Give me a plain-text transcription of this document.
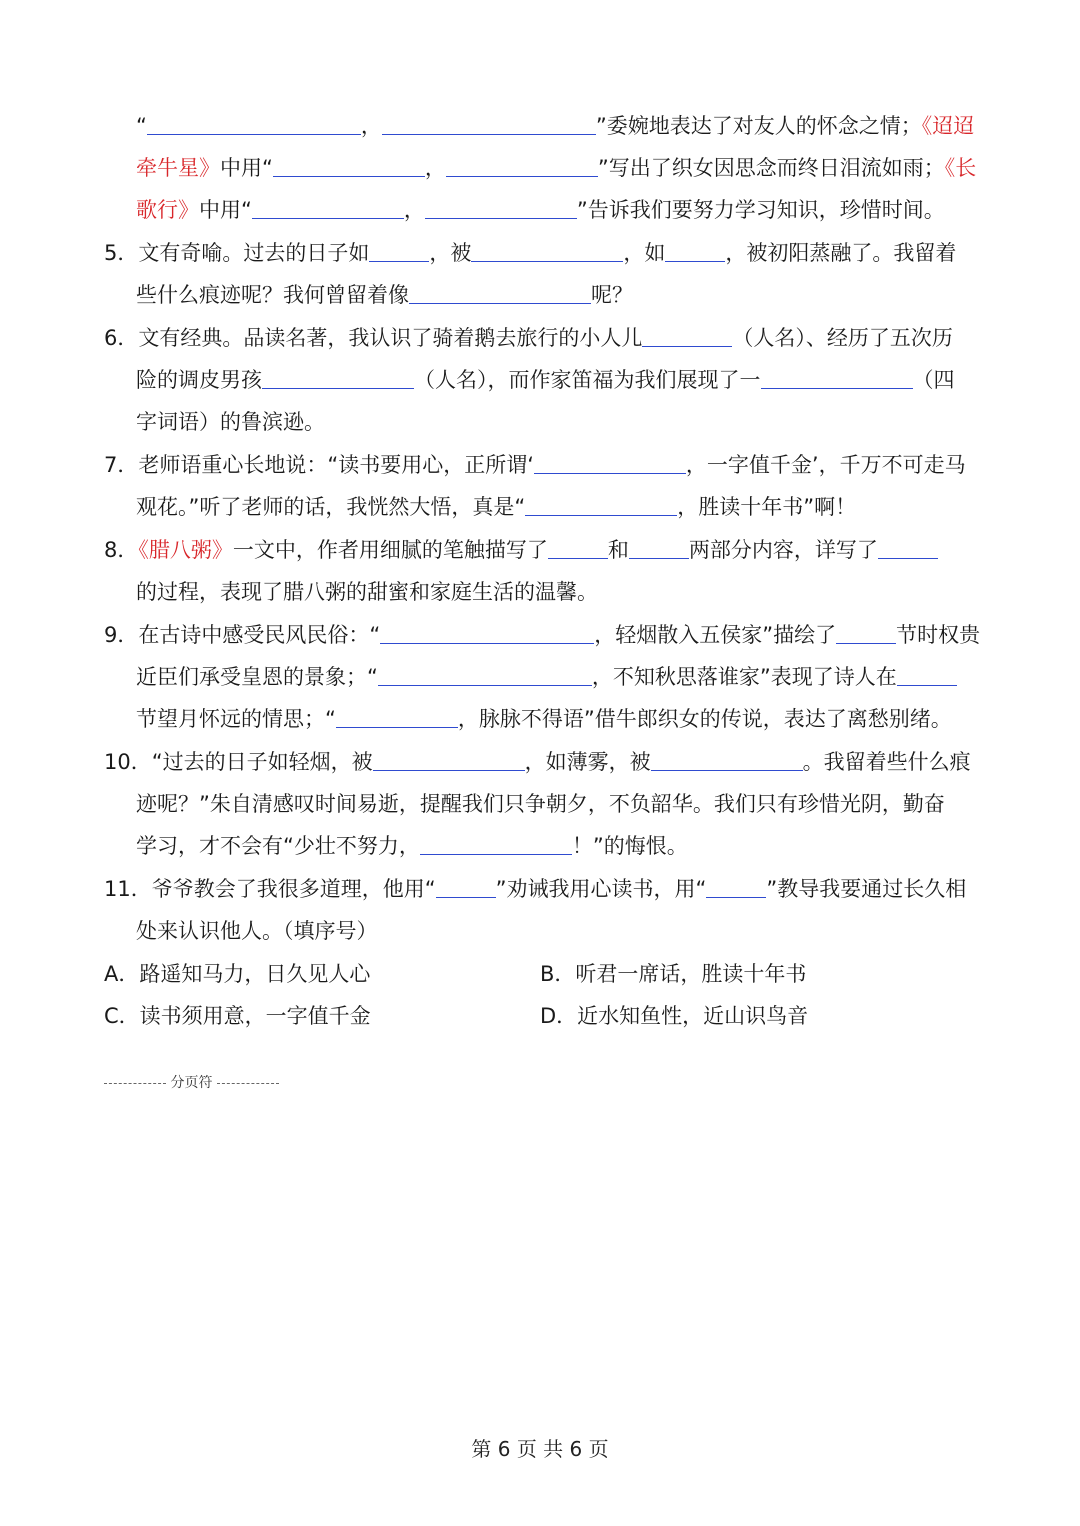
“	，	”委婉地表达了对友人的怀念之情；《迢迢
牵牛星》中用“	，	”写出了织女因思念而终日泪流如雨；《长
歌行》中用“	，	”告诉我们要努力学习知识，珍惜时间。
5．文有奇喻。过去的日子如	，被	，如	，被初阳蒸融了。我留着
些什么痕迹呢？我何曾留着像	呢？
6．文有经典。品读名著，我认识了骑着鹅去旅行的小人儿	（人名）、经历了五次历
险的调皮男孩	（人名），而作家笛福为我们展现了一	（四
字词语）的鲁滨逊。
7．老师语重心长地说：“读书要用心，正所谓‘	，一字值千金’，千万不可走马
观花。”听了老师的话，我恍然大悟，真是“	，胜读十年书”啊！
8．《腊八粥》一文中，作者用细腻的笔触描写了	和	两部分内容，详写了
的过程，表现了腊八粥的甜蜜和家庭生活的温馨。
9．在古诗中感受民风民俗：“	，轻烟散入五侯家”描绘了	节时权贵
近臣们承受皇恩的景象；“	，不知秋思落谁家”表现了诗人在
节望月怀远的情思；“	，脉脉不得语”借牛郎织女的传说，表达了离愁别绪。
10．“过去的日子如轻烟，被	，如薄雾，被	。我留着些什么痕
迹呢？”朱自清感叹时间易逝，提醒我们只争朝夕，不负韶华。我们只有珍惜光阴，勤奋
学习，才不会有“少壮不努力，	！”的悔恨。
11．爷爷教会了我很多道理，他用“	”劝诫我用心读书，用“	”教导我要通过长久相
处来认识他人。（填序号）
A．路遥知马力，日久见人心	B．听君一席话，胜读十年书
C．读书须用意，一字值千金	D．近水知鱼性，近山识鸟音
分页符
第 6 页 共 6 页
